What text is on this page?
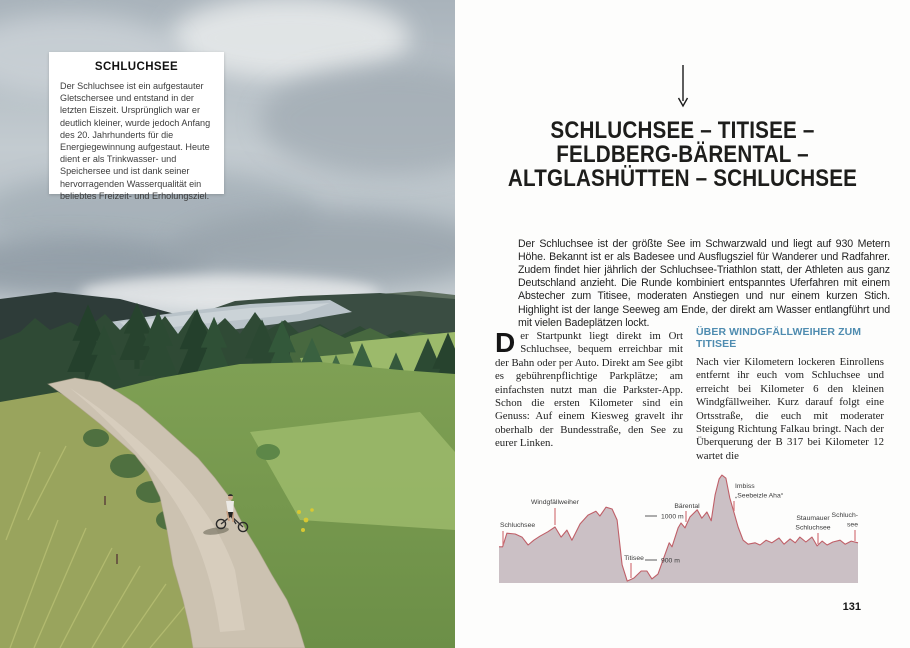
SCHLUCHSEE

Der Schluchsee ist ein aufgestauter Gletschersee und entstand in der letzten Eiszeit. Ursprünglich war er deutlich kleiner, wurde jedoch Anfang des 20. Jahrhunderts für die Energiegewinnung aufgestaut. Heute dient er als Trinkwasser- und Speichersee und ist dank seiner hervorragenden Wasserqualität ein beliebtes Freizeit- und Erholungsziel.

SCHLUCHSEE – TITISEE –
FELDBERG-BÄRENTAL –
ALTGLASHÜTTEN – SCHLUCHSEE

Der Schluchsee ist der größte See im Schwarzwald und liegt auf 930 Metern Höhe. Bekannt ist er als Badesee und Ausflugsziel für Wanderer und Radfahrer. Zudem findet hier jährlich der Schluchsee-Triathlon statt, der Athleten aus ganz Deutschland anzieht. Die Runde kombiniert entspanntes Uferfahren mit einem Abstecher zum Titisee, moderaten Anstiegen und nur einem kurzen Stich. Highlight ist der lange Seeweg am Ende, der direkt am Wasser entlangführt und mit vielen Badeplätzen lockt.

Der Startpunkt liegt direkt im Ort Schluchsee, bequem erreichbar mit der Bahn oder per Auto. Direkt am See gibt es gebührenpflichtige Parkplätze; am einfachsten nutzt man die Parkster-App. Schon die ersten Kilometer sind ein Genuss: Auf einem Kiesweg gravelt ihr oberhalb der Bundesstraße, den See zu eurer Linken.

ÜBER WINDGFÄLLWEIHER ZUM TITISEE

Nach vier Kilometern lockeren Einrollens entfernt ihr euch vom Schluchsee und erreicht bei Kilometer 6 den kleinen Windgfällweiher. Kurz darauf folgt eine Ortsstraße, die euch mit moderater Steigung Richtung Falkau bringt. Nach der Überquerung der B 317 bei Kilometer 12 wartet die

1000 m
900 m
Schluchsee
Windgfällweiher
Titisee
Bärental
Imbiss
„Seebeizle Aha“
Staumauer
Schluchsee
Schluch-
see
131
